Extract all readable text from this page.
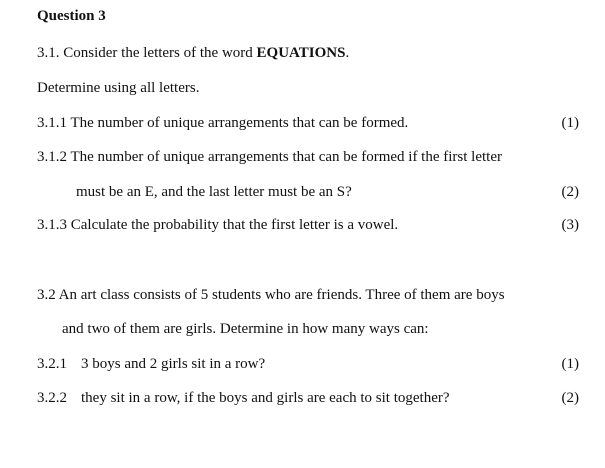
Question 3
3.1. Consider the letters of the word EQUATIONS.
Determine using all letters.
3.1.1 The number of unique arrangements that can be formed.	(1)
3.1.2 The number of unique arrangements that can be formed if the first letter
must be an E, and the last letter must be an S?	(2)
3.1.3 Calculate the probability that the first letter is a vowel.	(3)
3.2 An art class consists of 5 students who are friends. Three of them are boys
and two of them are girls. Determine in how many ways can:
3.2.1 3 boys and 2 girls sit in a row?	(1)
3.2.2 they sit in a row, if the boys and girls are each to sit together?	(2)
